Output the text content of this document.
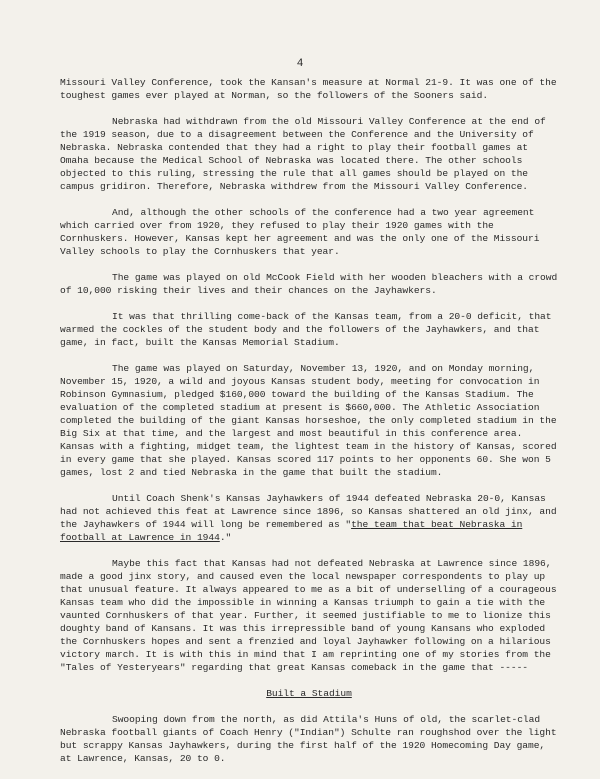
4

Missouri Valley Conference, took the Kansan's measure at Normal 21-9. It was one of the toughest games ever played at Norman, so the followers of the Sooners said.

Nebraska had withdrawn from the old Missouri Valley Conference at the end of the 1919 season, due to a disagreement between the Conference and the University of Nebraska. Nebraska contended that they had a right to play their football games at Omaha because the Medical School of Nebraska was located there. The other schools objected to this ruling, stressing the rule that all games should be played on the campus gridiron. Therefore, Nebraska withdrew from the Missouri Valley Conference.

And, although the other schools of the conference had a two year agreement which carried over from 1920, they refused to play their 1920 games with the Cornhuskers. However, Kansas kept her agreement and was the only one of the Missouri Valley schools to play the Cornhuskers that year.

The game was played on old McCook Field with her wooden bleachers with a crowd of 10,000 risking their lives and their chances on the Jayhawkers.

It was that thrilling come-back of the Kansas team, from a 20-0 deficit, that warmed the cockles of the student body and the followers of the Jayhawkers, and that game, in fact, built the Kansas Memorial Stadium.

The game was played on Saturday, November 13, 1920, and on Monday morning, November 15, 1920, a wild and joyous Kansas student body, meeting for convocation in Robinson Gymnasium, pledged $160,000 toward the building of the Kansas Stadium. The evaluation of the completed stadium at present is $660,000. The Athletic Association completed the building of the giant Kansas horseshoe, the only completed stadium in the Big Six at that time, and the largest and most beautiful in this conference area. Kansas with a fighting, midget team, the lightest team in the history of Kansas, scored in every game that she played. Kansas scored 117 points to her opponents 60. She won 5 games, lost 2 and tied Nebraska in the game that built the stadium.

Until Coach Shenk's Kansas Jayhawkers of 1944 defeated Nebraska 20-0, Kansas had not achieved this feat at Lawrence since 1896, so Kansas shattered an old jinx, and the Jayhawkers of 1944 will long be remembered as "the team that beat Nebraska in football at Lawrence in 1944."

Maybe this fact that Kansas had not defeated Nebraska at Lawrence since 1896, made a good jinx story, and caused even the local newspaper correspondents to play up that unusual feature. It always appeared to me as a bit of underselling of a courageous Kansas team who did the impossible in winning a Kansas triumph to gain a tie with the vaunted Cornhuskers of that year. Further, it seemed justifiable to me to lionize this doughty band of Kansans. It was this irrepressible band of young Kansans who exploded the Cornhuskers hopes and sent a frenzied and loyal Jayhawker following on a hilarious victory march. It is with this in mind that I am reprinting one of my stories from the "Tales of Yesteryears" regarding that great Kansas comeback in the game that -----

Built a Stadium

Swooping down from the north, as did Attila's Huns of old, the scarlet-clad Nebraska football giants of Coach Henry ("Indian") Schulte ran roughshod over the light but scrappy Kansas Jayhawkers, during the first half of the 1920 Homecoming Day game, at Lawrence, Kansas, 20 to 0.
